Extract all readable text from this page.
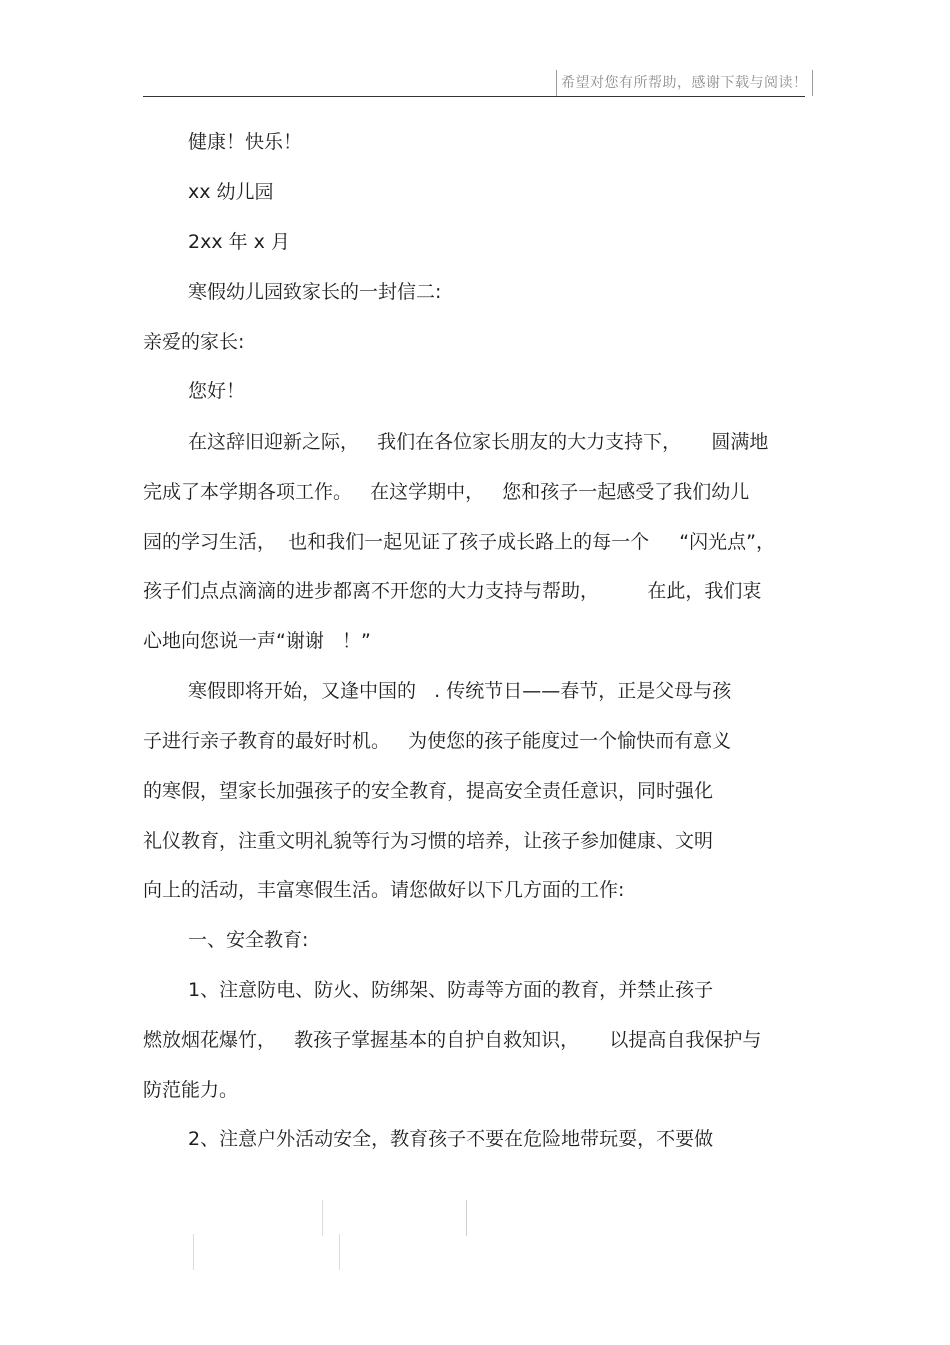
希望对您有所帮助，感谢下载与阅读！
健康！快乐！
xx 幼儿园
2xx 年 x 月
寒假幼儿园致家长的一封信二:
亲爱的家长:
您好！
在这辞旧迎新之际，   我们在各位家长朋友的大力支持下，     圆满地
完成了本学期各项工作。   在这学期中，   您和孩子一起感受了我们幼儿
园的学习生活，  也和我们一起见证了孩子成长路上的每一个     “闪光点”，
孩子们点点滴滴的进步都离不开您的大力支持与帮助，        在此，我们衷
心地向您说一声“谢谢   ！”
寒假即将开始，又逢中国的   . 传统节日——春节，正是父母与孩
子进行亲子教育的最好时机。   为使您的孩子能度过一个愉快而有意义
的寒假，望家长加强孩子的安全教育，提高安全责任意识，同时强化
礼仪教育，注重文明礼貌等行为习惯的培养，让孩子参加健康、文明
向上的活动，丰富寒假生活。请您做好以下几方面的工作:
一、安全教育:
1、注意防电、防火、防绑架、防毒等方面的教育，并禁止孩子
燃放烟花爆竹，   教孩子掌握基本的自护自救知识，     以提高自我保护与
防范能力。
2、注意户外活动安全，教育孩子不要在危险地带玩耍，不要做
